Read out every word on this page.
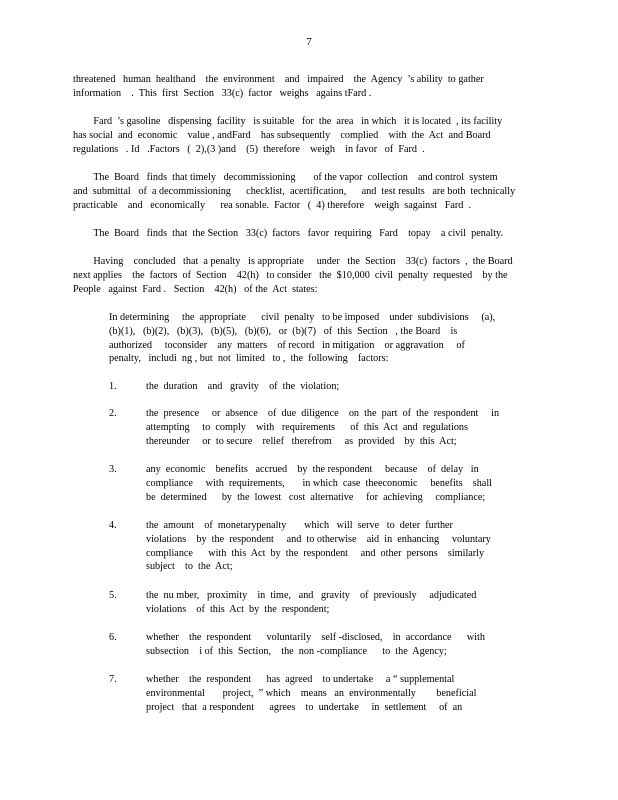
7
threatened   human  healthand    the  environment    and   impaired    the  Agency  ’s ability  to gather
information    .  This  first  Section   33(c)  factor   weighs   agains tFard .
Fard  ’s gasoline   dispensing  facility   is suitable   for  the  area   in which   it is located  , its facility
has social  and  economic    value , andFard    has subsequently    complied    with  the  Act  and Board
regulations   . Id   .Factors   (  2),(3 )and    (5)  therefore    weigh    in favor   of  Fard  .
The  Board   finds  that timely   decommissioning       of the vapor  collection    and control  system
and  submittal   of  a decommissioning      checklist,  acertification,      and  test results   are both  technically
practicable    and   economically      rea sonable.  Factor   (  4) therefore    weigh  sagainst   Fard  .
The  Board   finds  that  the Section   33(c)  factors   favor  requiring   Fard    topay    a civil  penalty.
Having    concluded   that  a penalty   is appropriate     under   the  Section    33(c)  factors  ,  the Board
next applies    the  factors  of  Section    42(h)   to consider   the  $10,000  civil  penalty  requested    by the
People   against  Fard .   Section    42(h)   of the  Act  states:
In determining     the  appropriate      civil  penalty   to be imposed    under  subdivisions     (a),
(b)(1),   (b)(2),   (b)(3),   (b)(5),   (b)(6),   or  (b)(7)   of  this  Section   , the Board    is
authorized     toconsider    any  matters    of record   in mitigation    or aggravation     of
penalty,   includi  ng , but  not  limited   to ,  the  following    factors:
1.	the  duration    and   gravity    of  the  violation;
2.	the  presence     or  absence    of  due  diligence    on  the  part  of  the  respondent     in
attempting     to  comply    with   requirements      of  this  Act  and  regulations
thereunder     or  to secure    relief   therefrom     as  provided    by  this  Act;
3.	any  economic    benefits   accrued    by  the respondent     because    of  delay   in
compliance     with  requirements,       in which  case  theeconomic     benefits    shall
be  determined      by  the  lowest   cost  alternative     for  achieving     compliance;
4.	the  amount    of  monetarypenalty       which   will  serve   to  deter  further
violations    by  the  respondent     and  to otherwise    aid  in  enhancing     voluntary
compliance      with  this  Act  by  the  respondent     and  other  persons    similarly
subject    to  the  Act;
5.	the  nu mber,   proximity    in  time,   and   gravity    of  previously     adjudicated
violations    of  this  Act  by  the  respondent;
6.	whether    the  respondent      voluntarily    self -disclosed,    in  accordance      with
subsection    i of  this  Section,    the  non -compliance      to  the  Agency;
7.	whether    the  respondent      has  agreed    to undertake     a “ supplemental
environmental       project,  ” which    means   an  environmentally        beneficial
project   that  a respondent      agrees    to  undertake     in  settlement     of  an
